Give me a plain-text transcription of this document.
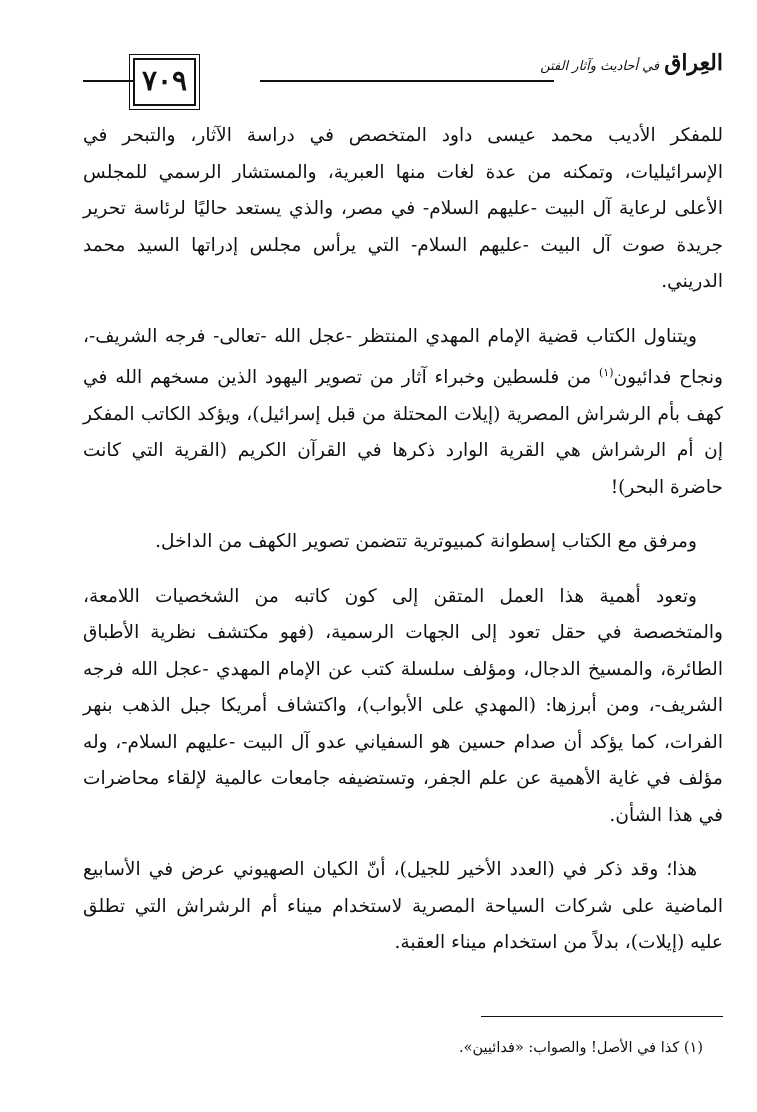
٧٠٩
العِراق في أحاديث وآثار الفتن

للمفكر الأديب محمد عيسى داود المتخصص في دراسة الآثار، والتبحر في الإسرائيليات، وتمكنه من عدة لغات منها العبرية، والمستشار الرسمي للمجلس الأعلى لرعاية آل البيت -عليهم السلام- في مصر، والذي يستعد حاليًا لرئاسة تحرير جريدة صوت آل البيت -عليهم السلام- التي يرأس مجلس إدراتها السيد محمد الدريني.

ويتناول الكتاب قضية الإمام المهدي المنتظر -عجل الله -تعالى- فرجه الشريف-، ونجاح فدائيون$^{(١)}$ من فلسطين وخبراء آثار من تصوير اليهود الذين مسخهم الله في كهف بأم الرشراش المصرية (إيلات المحتلة من قبل إسرائيل)، ويؤكد الكاتب المفكر إن أم الرشراش هي القرية الوارد ذكرها في القرآن الكريم (القرية التي كانت حاضرة البحر)!

ومرفق مع الكتاب إسطوانة كمبيوترية تتضمن تصوير الكهف من الداخل.

وتعود أهمية هذا العمل المتقن إلى كون كاتبه من الشخصيات اللامعة، والمتخصصة في حقل تعود إلى الجهات الرسمية، (فهو مكتشف نظرية الأطباق الطائرة، والمسيخ الدجال، ومؤلف سلسلة كتب عن الإمام المهدي -عجل الله فرجه الشريف-، ومن أبرزها: (المهدي على الأبواب)، واكتشاف أمريكا جبل الذهب بنهر الفرات، كما يؤكد أن صدام حسين هو السفياني عدو آل البيت -عليهم السلام-، وله مؤلف في غاية الأهمية عن علم الجفر، وتستضيفه جامعات عالمية لإلقاء محاضرات في هذا الشأن.

هذا؛ وقد ذكر في (العدد الأخير للجيل)، أنّ الكيان الصهيوني عرض في الأسابيع الماضية على شركات السياحة المصرية لاستخدام ميناء أم الرشراش التي تطلق عليه (إيلات)، بدلاً من استخدام ميناء العقبة.

(١) كذا في الأصل! والصواب: «فدائيين».
